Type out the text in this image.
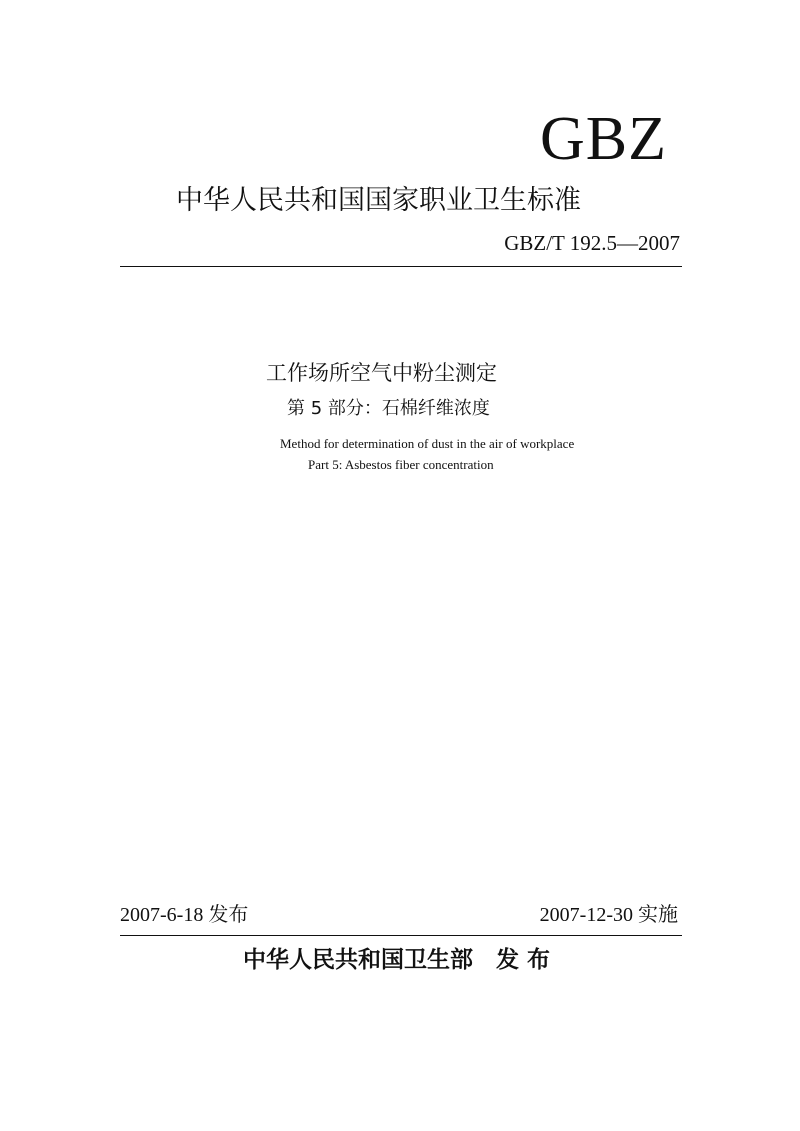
GBZ
中华人民共和国国家职业卫生标准
GBZ/T 192.5—2007
工作场所空气中粉尘测定
第 5 部分：石棉纤维浓度
Method for determination of dust in the air of workplace
Part 5: Asbestos fiber concentration
2007-6-18 发布	2007-12-30 实施
中华人民共和国卫生部　发 布
